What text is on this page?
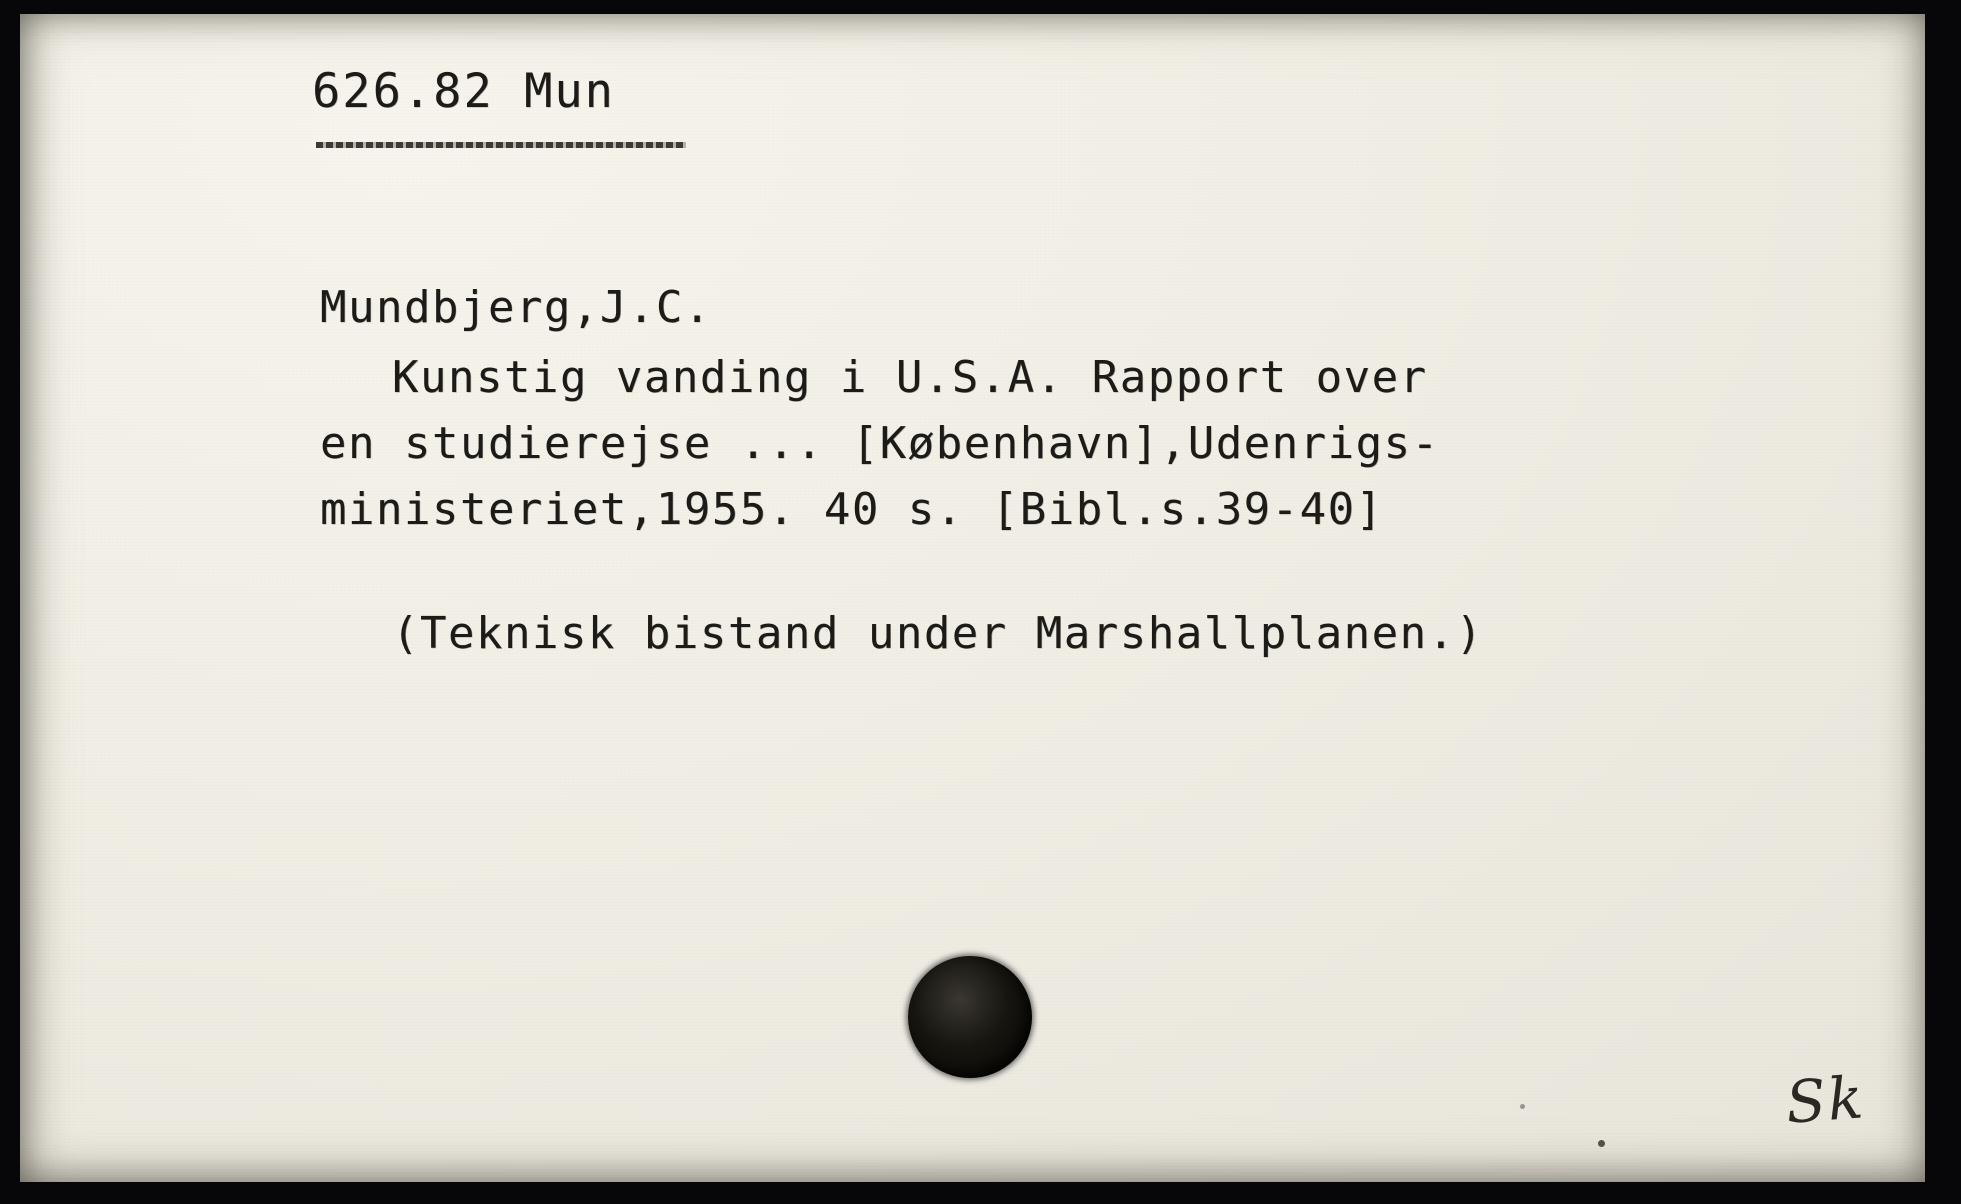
626.82 Mun
Mundbjerg,J.C.
Kunstig vanding i U.S.A. Rapport over
en studierejse ... [København],Udenrigs-
ministeriet,1955. 40 s. [Bibl.s.39-40]
(Teknisk bistand under Marshallplanen.)
Sk
